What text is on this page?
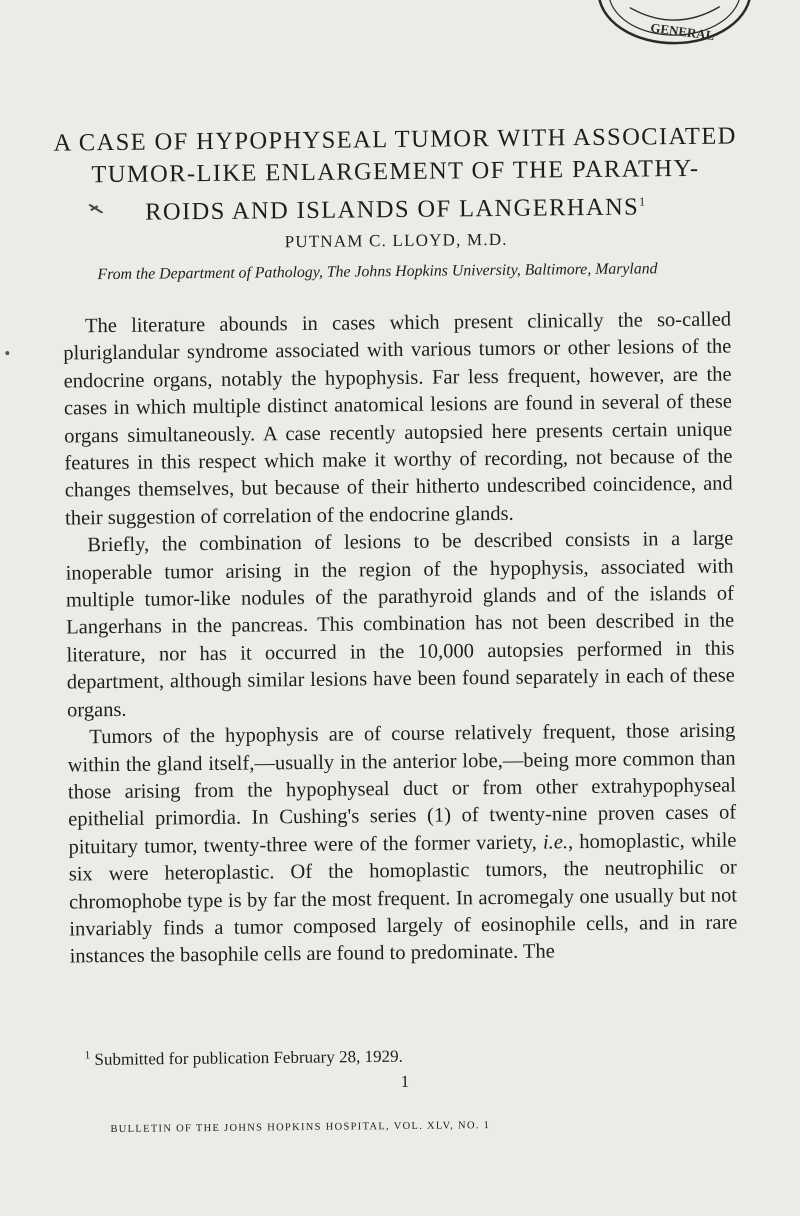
GENERAL
A CASE OF HYPOPHYSEAL TUMOR WITH ASSOCIATED
TUMOR-LIKE ENLARGEMENT OF THE PARATHY-
ROIDS AND ISLANDS OF LANGERHANS$^1$
PUTNAM C. LLOYD, M.D.
From the Department of Pathology, The Johns Hopkins University, Baltimore, Maryland

The literature abounds in cases which present clinically the so-called pluriglandular syndrome associated with various tumors or other lesions of the endocrine organs, notably the hypophysis. Far less frequent, however, are the cases in which multiple distinct anatomical lesions are found in several of these organs simultaneously. A case recently autopsied here presents certain unique features in this respect which make it worthy of recording, not because of the changes themselves, but because of their hitherto undescribed coincidence, and their suggestion of correlation of the endocrine glands.

Briefly, the combination of lesions to be described consists in a large inoperable tumor arising in the region of the hypophysis, associated with multiple tumor-like nodules of the parathyroid glands and of the islands of Langerhans in the pancreas. This combination has not been described in the literature, nor has it occurred in the 10,000 autopsies performed in this department, although similar lesions have been found separately in each of these organs.

Tumors of the hypophysis are of course relatively frequent, those arising within the gland itself,—usually in the anterior lobe,—being more common than those arising from the hypophyseal duct or from other extrahypophyseal epithelial primordia. In Cushing's series (1) of twenty-nine proven cases of pituitary tumor, twenty-three were of the former variety, i.e., homoplastic, while six were heteroplastic. Of the homoplastic tumors, the neutrophilic or chromophobe type is by far the most frequent. In acromegaly one usually but not invariably finds a tumor composed largely of eosinophile cells, and in rare instances the basophile cells are found to predominate. The

$^1$ Submitted for publication February 28, 1929.
1
BULLETIN OF THE JOHNS HOPKINS HOSPITAL, VOL. XLV, NO. 1
